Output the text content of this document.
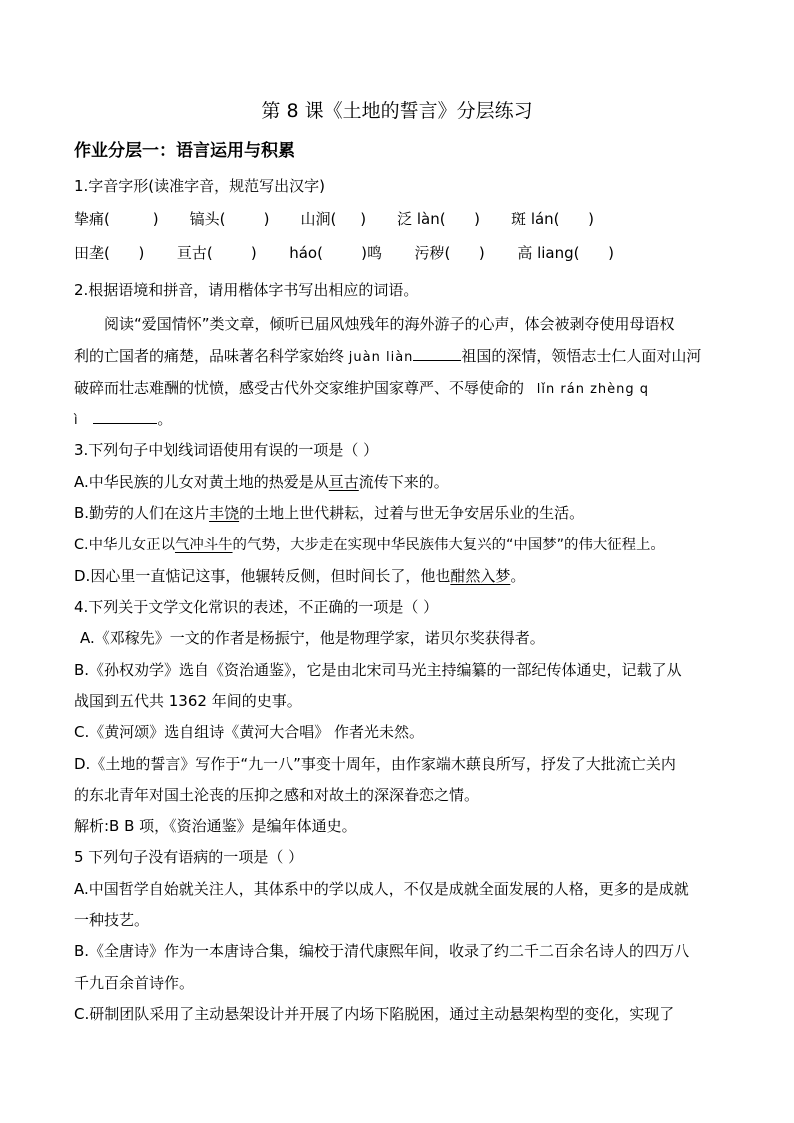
第 8 课《土地的誓言》分层练习
作业分层一：语言运用与积累
1.字音字形(读准字音，规范写出汉字)
挚痛(         ) 镐头(        ) 山涧(     ) 泛 làn(      ) 斑 lán(      )
田垄(      ) 亘古(        ) háo(        )鸣 污秽(      ) 高 liang(      )
2.根据语境和拼音，请用楷体字书写出相应的词语。
阅读“爱国情怀”类文章，倾听已届风烛残年的海外游子的心声，体会被剥夺使用母语权
利的亡国者的痛楚，品味著名科学家始终 juàn liàn	祖国的深情，领悟志士仁人面对山河
破碎而壮志难酬的忧愤，感受古代外交家维护国家尊严、不辱使命的 lǐn rán zhèng q
ì	。
3.下列句子中划线词语使用有误的一项是（ ）
A.中华民族的儿女对黄土地的热爱是从亘古流传下来的。
B.勤劳的人们在这片丰饶的土地上世代耕耘，过着与世无争安居乐业的生活。
C.中华儿女正以气冲斗牛的气势，大步走在实现中华民族伟大复兴的“中国梦”的伟大征程上。
D.因心里一直惦记这事，他辗转反侧，但时间长了，他也酣然入梦。
4.下列关于文学文化常识的表述，不正确的一项是（ ）
A.《邓稼先》一文的作者是杨振宁，他是物理学家，诺贝尔奖获得者。
B.《孙权劝学》选自《资治通鉴》，它是由北宋司马光主持编纂的一部纪传体通史，记载了从
战国到五代共 1362 年间的史事。
C.《黄河颂》选自组诗《黄河大合唱》 作者光未然。
D.《土地的誓言》写作于“九一八”事变十周年，由作家端木蕻良所写，抒发了大批流亡关内
的东北青年对国土沦丧的压抑之感和对故土的深深眷恋之情。
解析:B B 项，《资治通鉴》是编年体通史。
5 下列句子没有语病的一项是（ ）
A.中国哲学自始就关注人，其体系中的学以成人，不仅是成就全面发展的人格，更多的是成就
一种技艺。
B.《全唐诗》作为一本唐诗合集，编校于清代康熙年间，收录了约二千二百余名诗人的四万八
千九百余首诗作。
C.研制团队采用了主动悬架设计并开展了内场下陷脱困，通过主动悬架构型的变化，实现了
